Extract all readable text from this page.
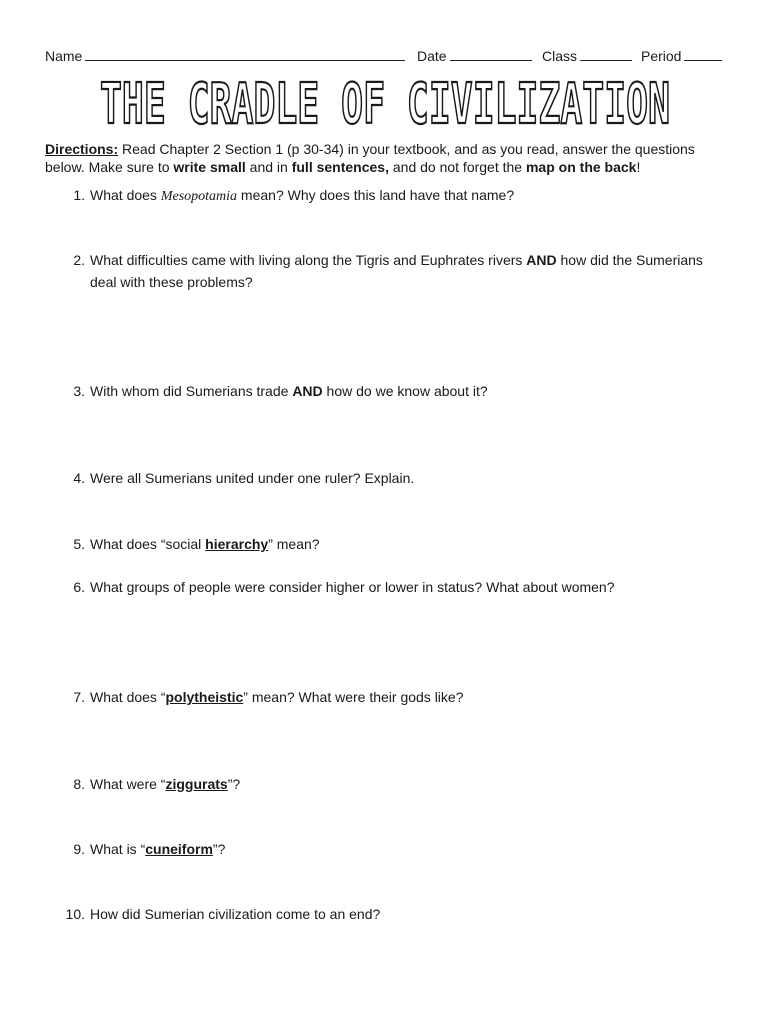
Name	Date	Class	Period
THE CRADLE OF CIVILIZATION
Directions: Read Chapter 2 Section 1 (p 30-34) in your textbook, and as you read, answer the questions below. Make sure to write small and in full sentences, and do not forget the map on the back!
1. What does Mesopotamia mean? Why does this land have that name?
2. What difficulties came with living along the Tigris and Euphrates rivers AND how did the Sumerians deal with these problems?
3. With whom did Sumerians trade AND how do we know about it?
4. Were all Sumerians united under one ruler? Explain.
5. What does “social hierarchy” mean?
6. What groups of people were consider higher or lower in status? What about women?
7. What does “polytheistic” mean? What were their gods like?
8. What were “ziggurats”?
9. What is “cuneiform”?
10. How did Sumerian civilization come to an end?
